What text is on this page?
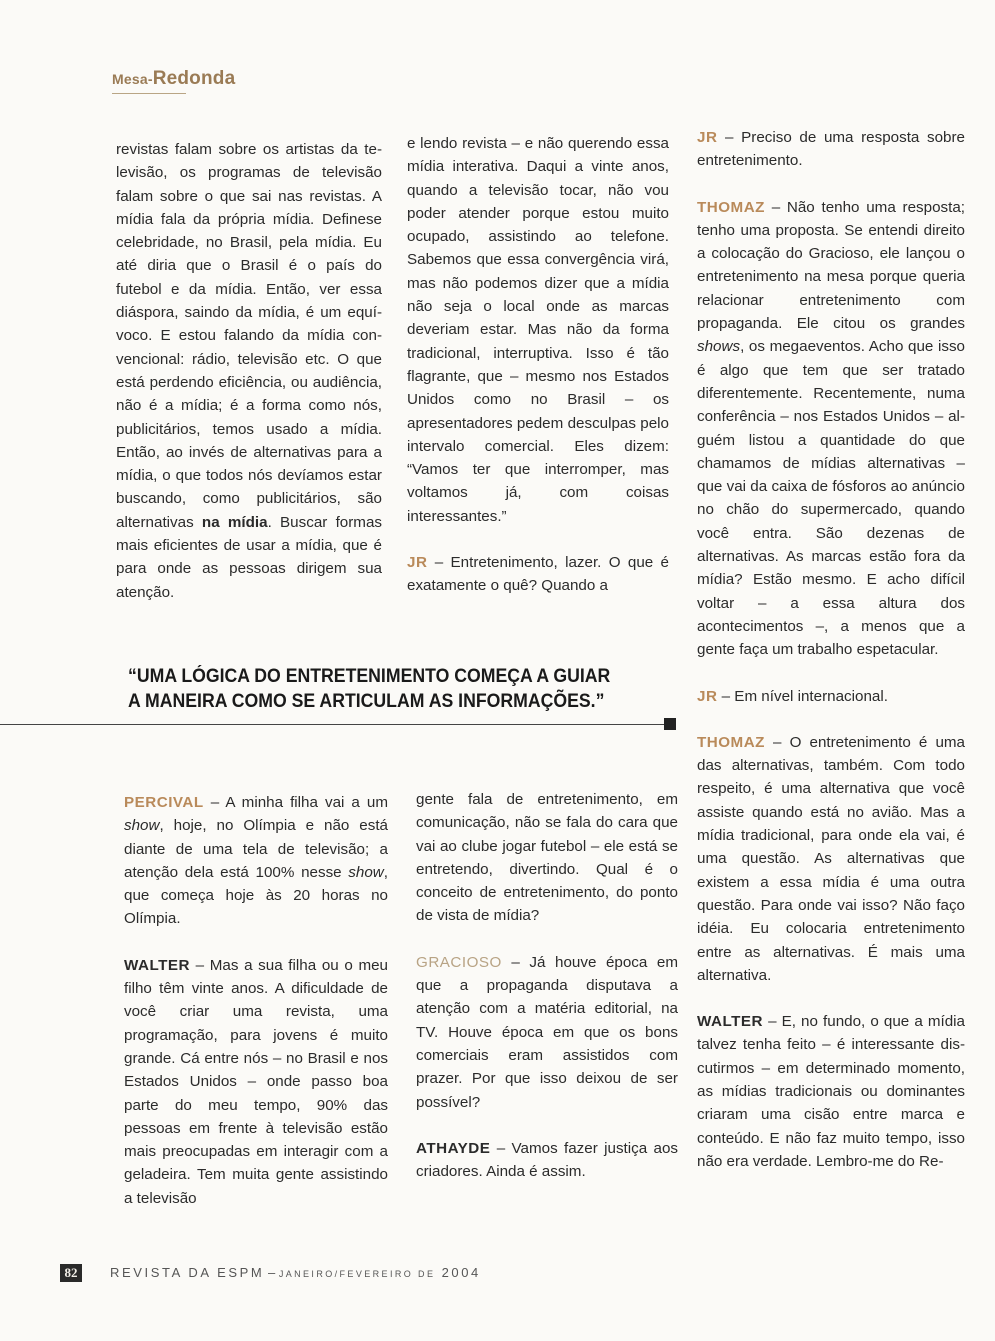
Mesa-Redonda

revistas falam sobre os artistas da televisão, os programas de televisão falam sobre o que sai nas revistas. A mídia fala da própria mídia. Definese celebridade, no Brasil, pela mídia. Eu até diria que o Brasil é o país do futebol e da mídia. Então, ver essa diáspora, saindo da mídia, é um equívoco. E estou falando da mídia convencional: rádio, televisão etc. O que está perdendo eficiência, ou audiência, não é a mídia; é a forma como nós, publicitários, temos usado a mídia. Então, ao invés de alternativas para a mídia, o que todos nós devíamos estar buscando, como publicitários, são alternativas na mídia. Buscar formas mais eficientes de usar a mídia, que é para onde as pessoas dirigem sua atenção.

e lendo revista – e não querendo essa mídia interativa. Daqui a vinte anos, quando a televisão tocar, não vou poder atender porque estou muito ocupado, assistindo ao telefone. Sabemos que essa convergência virá, mas não podemos dizer que a mídia não seja o local onde as marcas deveriam estar. Mas não da forma tradicional, interruptiva. Isso é tão flagrante, que – mesmo nos Estados Unidos como no Brasil – os apresentadores pedem desculpas pelo intervalo comercial. Eles dizem: “Vamos ter que interromper, mas voltamos já, com coisas interessantes.”

JR – Entretenimento, lazer. O que é exatamente o quê? Quando a

JR – Preciso de uma resposta sobre entretenimento.

THOMAZ – Não tenho uma resposta; tenho uma proposta. Se entendi direito a colocação do Gracioso, ele lançou o entretenimento na mesa porque queria relacionar entretenimento com propaganda. Ele citou os grandes shows, os megaeventos. Acho que isso é algo que tem que ser tratado diferentemente. Recentemente, numa conferência – nos Estados Unidos – alguém listou a quantidade do que chamamos de mídias alternativas – que vai da caixa de fósforos ao anúncio no chão do supermercado, quando você entra. São dezenas de alternativas. As marcas estão fora da mídia? Estão mesmo. E acho difícil voltar – a essa altura dos acontecimentos –, a menos que a gente faça um trabalho espetacular.

JR – Em nível internacional.

THOMAZ – O entretenimento é uma das alternativas, também. Com todo respeito, é uma alternativa que você assiste quando está no avião. Mas a mídia tradicional, para onde ela vai, é uma questão. As alternativas que existem a essa mídia é uma outra questão. Para onde vai isso? Não faço idéia. Eu colocaria entretenimento entre as alternativas. É mais uma alternativa.

WALTER – E, no fundo, o que a mídia talvez tenha feito – é interessante discutirmos – em determinado momento, as mídias tradicionais ou dominantes criaram uma cisão entre marca e conteúdo. E não faz muito tempo, isso não era verdade. Lembro-me do Re-

“UMA LÓGICA DO ENTRETENIMENTO COMEÇA A GUIAR

A MANEIRA COMO SE ARTICULAM AS INFORMAÇÕES.”

PERCIVAL – A minha filha vai a um show, hoje, no Olímpia e não está diante de uma tela de televisão; a atenção dela está 100% nesse show, que começa hoje às 20 horas no Olímpia.

WALTER – Mas a sua filha ou o meu filho têm vinte anos. A dificuldade de você criar uma revista, uma programação, para jovens é muito grande. Cá entre nós – no Brasil e nos Estados Unidos – onde passo boa parte do meu tempo, 90% das pessoas em frente à televisão estão mais preocupadas em interagir com a geladeira. Tem muita gente assistindo a televisão

gente fala de entretenimento, em comunicação, não se fala do cara que vai ao clube jogar futebol – ele está se entretendo, divertindo. Qual é o conceito de entretenimento, do ponto de vista de mídia?

GRACIOSO – Já houve época em que a propaganda disputava a atenção com a matéria editorial, na TV. Houve época em que os bons comerciais eram assistidos com prazer. Por que isso deixou de ser possível?

ATHAYDE – Vamos fazer justiça aos criadores. Ainda é assim.

82	REVISTA DA ESPM – JANEIRO/FEVEREIRO DE 2004
